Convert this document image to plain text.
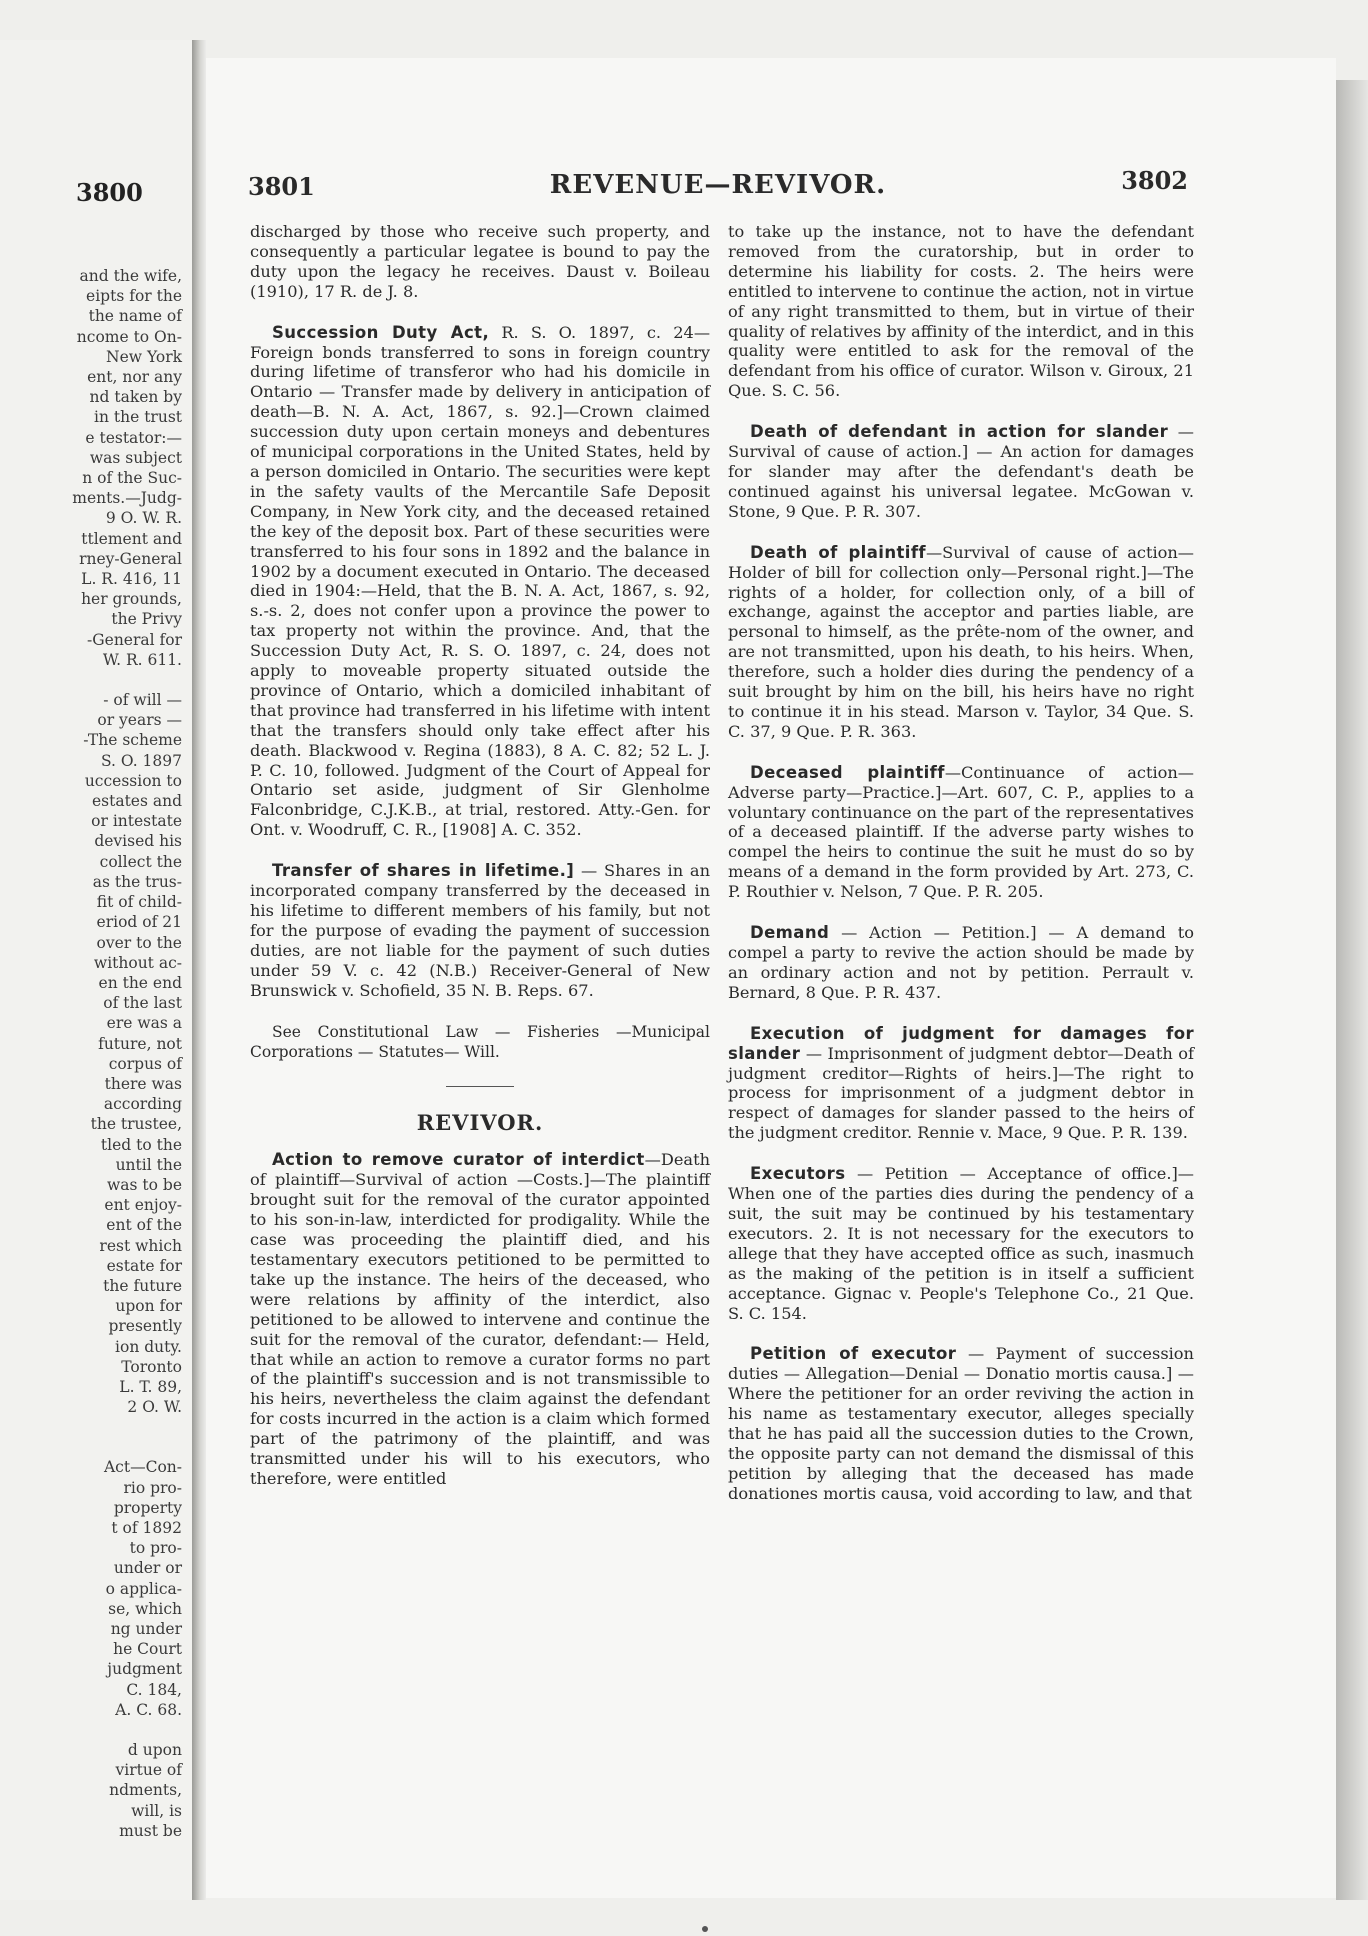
3800
and the wife,
eipts for the
the name of
ncome to On-
New York
ent, nor any
nd taken by
in the trust
e testator:—
was subject
n of the Suc-
ments.—Judg-
9 O. W. R.
ttlement and
rney-General
L. R. 416, 11
her grounds,
the Privy
-General for
W. R. 611.
- of will —
or years —
-The scheme
S. O. 1897
uccession to
estates and
or intestate
devised his
collect the
as the trus-
fit of child-
eriod of 21
over to the
without ac-
en the end
of the last
ere was a
future, not
corpus of
there was
according
the trustee,
tled to the
until the
was to be
ent enjoy-
ent of the
rest which
estate for
the future
upon for
presently
ion duty.
Toronto
L. T. 89,
2 O. W.
Act—Con-
rio pro-
property
t of 1892
to pro-
under or
o applica-
se, which
ng under
he Court
judgment
C. 184,
A. C. 68.
d upon
virtue of
ndments,
will, is
must be
3801	REVENUE—REVIVOR.	3802

discharged by those who receive such property, and consequently a particular legatee is bound to pay the duty upon the legacy he receives. Daust v. Boileau (1910), 17 R. de J. 8.

Succession Duty Act, R. S. O. 1897, c. 24—Foreign bonds transferred to sons in foreign country during lifetime of transferor who had his domicile in Ontario — Transfer made by delivery in anticipation of death—B. N. A. Act, 1867, s. 92.]—Crown claimed succession duty upon certain moneys and debentures of municipal corporations in the United States, held by a person domiciled in Ontario. The securities were kept in the safety vaults of the Mercantile Safe Deposit Company, in New York city, and the deceased retained the key of the deposit box. Part of these securities were transferred to his four sons in 1892 and the balance in 1902 by a document executed in Ontario. The deceased died in 1904:—Held, that the B. N. A. Act, 1867, s. 92, s.-s. 2, does not confer upon a province the power to tax property not within the province. And, that the Succession Duty Act, R. S. O. 1897, c. 24, does not apply to moveable property situated outside the province of Ontario, which a domiciled inhabitant of that province had transferred in his lifetime with intent that the transfers should only take effect after his death. Blackwood v. Regina (1883), 8 A. C. 82; 52 L. J. P. C. 10, followed. Judgment of the Court of Appeal for Ontario set aside, judgment of Sir Glenholme Falconbridge, C.J.K.B., at trial, restored. Atty.-Gen. for Ont. v. Woodruff, C. R., [1908] A. C. 352.

Transfer of shares in lifetime.] — Shares in an incorporated company transferred by the deceased in his lifetime to different members of his family, but not for the purpose of evading the payment of succession duties, are not liable for the payment of such duties under 59 V. c. 42 (N.B.) Receiver-General of New Brunswick v. Schofield, 35 N. B. Reps. 67.

See Constitutional Law — Fisheries —Municipal Corporations — Statutes— Will.

REVIVOR.

Action to remove curator of interdict—Death of plaintiff—Survival of action —Costs.]—The plaintiff brought suit for the removal of the curator appointed to his son-in-law, interdicted for prodigality. While the case was proceeding the plaintiff died, and his testamentary executors petitioned to be permitted to take up the instance. The heirs of the deceased, who were relations by affinity of the interdict, also petitioned to be allowed to intervene and continue the suit for the removal of the curator, defendant:— Held, that while an action to remove a curator forms no part of the plaintiff's succession and is not transmissible to his heirs, nevertheless the claim against the defendant for costs incurred in the action is a claim which formed part of the patrimony of the plaintiff, and was transmitted under his will to his executors, who therefore, were entitled

to take up the instance, not to have the defendant removed from the curatorship, but in order to determine his liability for costs. 2. The heirs were entitled to intervene to continue the action, not in virtue of any right transmitted to them, but in virtue of their quality of relatives by affinity of the interdict, and in this quality were entitled to ask for the removal of the defendant from his office of curator. Wilson v. Giroux, 21 Que. S. C. 56.

Death of defendant in action for slander — Survival of cause of action.] — An action for damages for slander may after the defendant's death be continued against his universal legatee. McGowan v. Stone, 9 Que. P. R. 307.

Death of plaintiff—Survival of cause of action—Holder of bill for collection only—Personal right.]—The rights of a holder, for collection only, of a bill of exchange, against the acceptor and parties liable, are personal to himself, as the prête-nom of the owner, and are not transmitted, upon his death, to his heirs. When, therefore, such a holder dies during the pendency of a suit brought by him on the bill, his heirs have no right to continue it in his stead. Marson v. Taylor, 34 Que. S. C. 37, 9 Que. P. R. 363.

Deceased plaintiff—Continuance of action—Adverse party—Practice.]—Art. 607, C. P., applies to a voluntary continuance on the part of the representatives of a deceased plaintiff. If the adverse party wishes to compel the heirs to continue the suit he must do so by means of a demand in the form provided by Art. 273, C. P. Routhier v. Nelson, 7 Que. P. R. 205.

Demand — Action — Petition.] — A demand to compel a party to revive the action should be made by an ordinary action and not by petition. Perrault v. Bernard, 8 Que. P. R. 437.

Execution of judgment for damages for slander — Imprisonment of judgment debtor—Death of judgment creditor—Rights of heirs.]—The right to process for imprisonment of a judgment debtor in respect of damages for slander passed to the heirs of the judgment creditor. Rennie v. Mace, 9 Que. P. R. 139.

Executors — Petition — Acceptance of office.]—When one of the parties dies during the pendency of a suit, the suit may be continued by his testamentary executors. 2. It is not necessary for the executors to allege that they have accepted office as such, inasmuch as the making of the petition is in itself a sufficient acceptance. Gignac v. People's Telephone Co., 21 Que. S. C. 154.

Petition of executor — Payment of succession duties — Allegation—Denial — Donatio mortis causa.] — Where the petitioner for an order reviving the action in his name as testamentary executor, alleges specially that he has paid all the succession duties to the Crown, the opposite party can not demand the dismissal of this petition by alleging that the deceased has made donationes mortis causa, void according to law, and that
